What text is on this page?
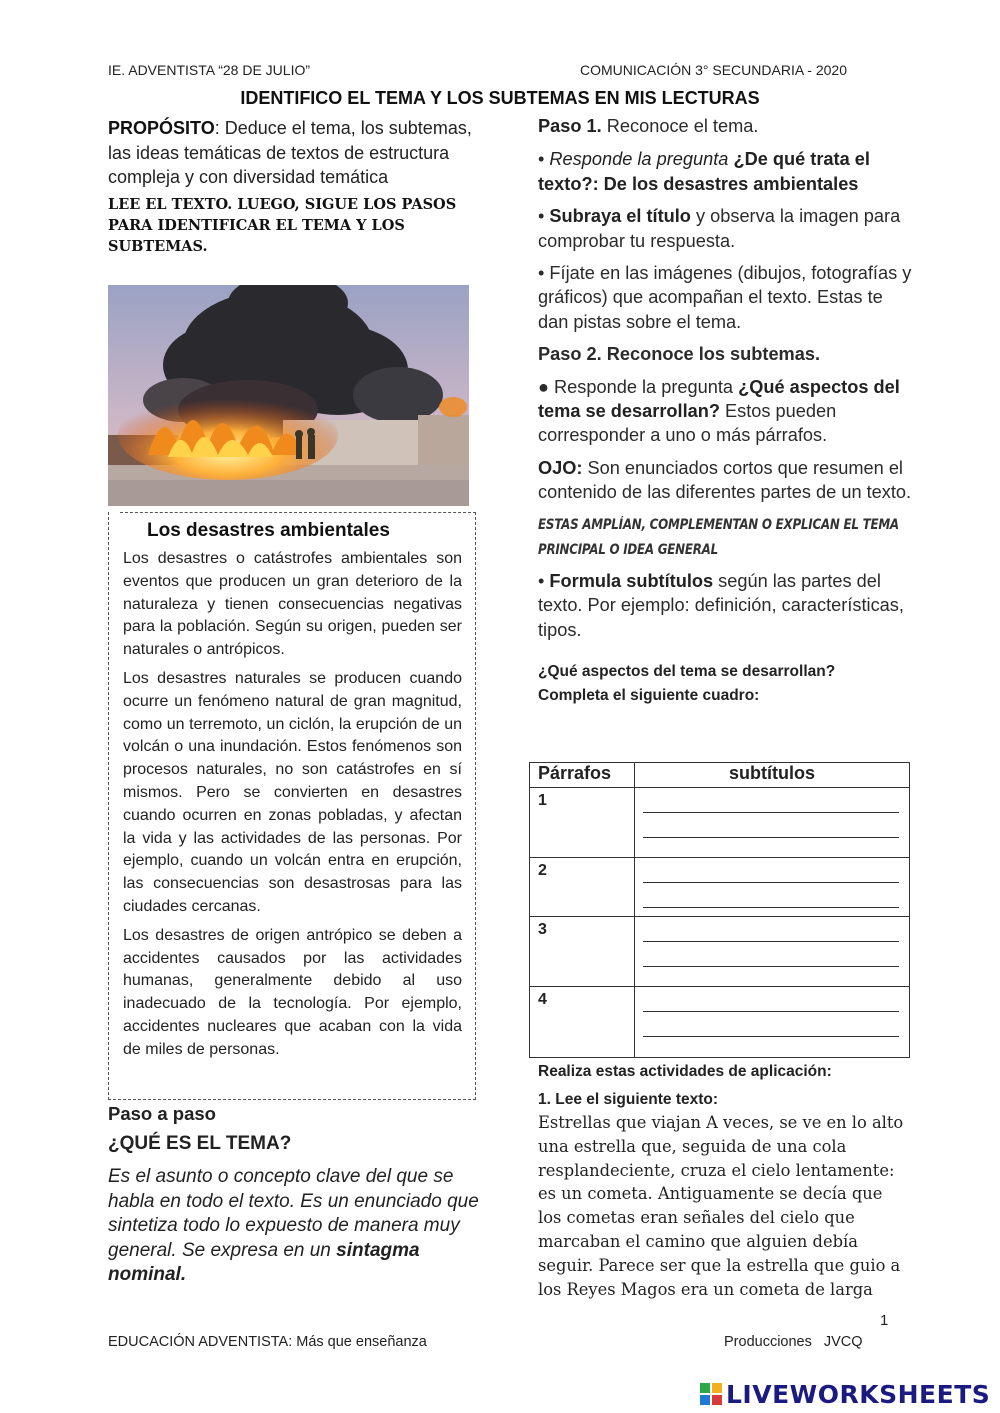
IE. ADVENTISTA “28 DE JULIO”	COMUNICACIÓN 3° SECUNDARIA - 2020
IDENTIFICO EL TEMA Y LOS SUBTEMAS EN MIS LECTURAS

PROPÓSITO: Deduce el tema, los subtemas, las ideas temáticas de textos de estructura compleja y con diversidad temática

LEE EL TEXTO. LUEGO, SIGUE LOS PASOS PARA IDENTIFICAR EL TEMA Y LOS SUBTEMAS.

Los desastres ambientales

Los desastres o catástrofes ambientales son eventos que producen un gran deterioro de la naturaleza y tienen consecuencias negativas para la población. Según su origen, pueden ser naturales o antrópicos.

Los desastres naturales se producen cuando ocurre un fenómeno natural de gran magnitud, como un terremoto, un ciclón, la erupción de un volcán o una inundación. Estos fenómenos son procesos naturales, no son catástrofes en sí mismos. Pero se convierten en desastres cuando ocurren en zonas pobladas, y afectan la vida y las actividades de las personas. Por ejemplo, cuando un volcán entra en erupción, las consecuencias son desastrosas para las ciudades cercanas.

Los desastres de origen antrópico se deben a accidentes causados por las actividades humanas, generalmente debido al uso inadecuado de la tecnología. Por ejemplo, accidentes nucleares que acaban con la vida de miles de personas.

Paso a paso

¿QUÉ ES EL TEMA?

Es el asunto o concepto clave del que se habla en todo el texto. Es un enunciado que sintetiza todo lo expuesto de manera muy general. Se expresa en un sintagma nominal.

Paso 1. Reconoce el tema.

• Responde la pregunta ¿De qué trata el texto?: De los desastres ambientales

• Subraya el título y observa la imagen para comprobar tu respuesta.

• Fíjate en las imágenes (dibujos, fotografías y gráficos) que acompañan el texto. Estas te dan pistas sobre el tema.

Paso 2. Reconoce los subtemas.

● Responde la pregunta ¿Qué aspectos del tema se desarrollan? Estos pueden corresponder a uno o más párrafos.

OJO: Son enunciados cortos que resumen el contenido de las diferentes partes de un texto.

ESTAS AMPLÍAN, COMPLEMENTAN O EXPLICAN EL TEMA PRINCIPAL O IDEA GENERAL

• Formula subtítulos según las partes del texto. Por ejemplo: definición, características, tipos.

¿Qué aspectos del tema se desarrollan?

Completa el siguiente cuadro:

Párrafos	subtítulos
1	

2	

3	

4	

Realiza estas actividades de aplicación:

1. Lee el siguiente texto:

Estrellas que viajan A veces, se ve en lo alto una estrella que, seguida de una cola resplandeciente, cruza el cielo lentamente: es un cometa. Antiguamente se decía que los cometas eran señales del cielo que marcaban el camino que alguien debía seguir. Parece ser que la estrella que guio a los Reyes Magos era un cometa de larga

1
EDUCACIÓN ADVENTISTA: Más que enseñanza	Producciones JVCQ
LIVEWORKSHEETS
